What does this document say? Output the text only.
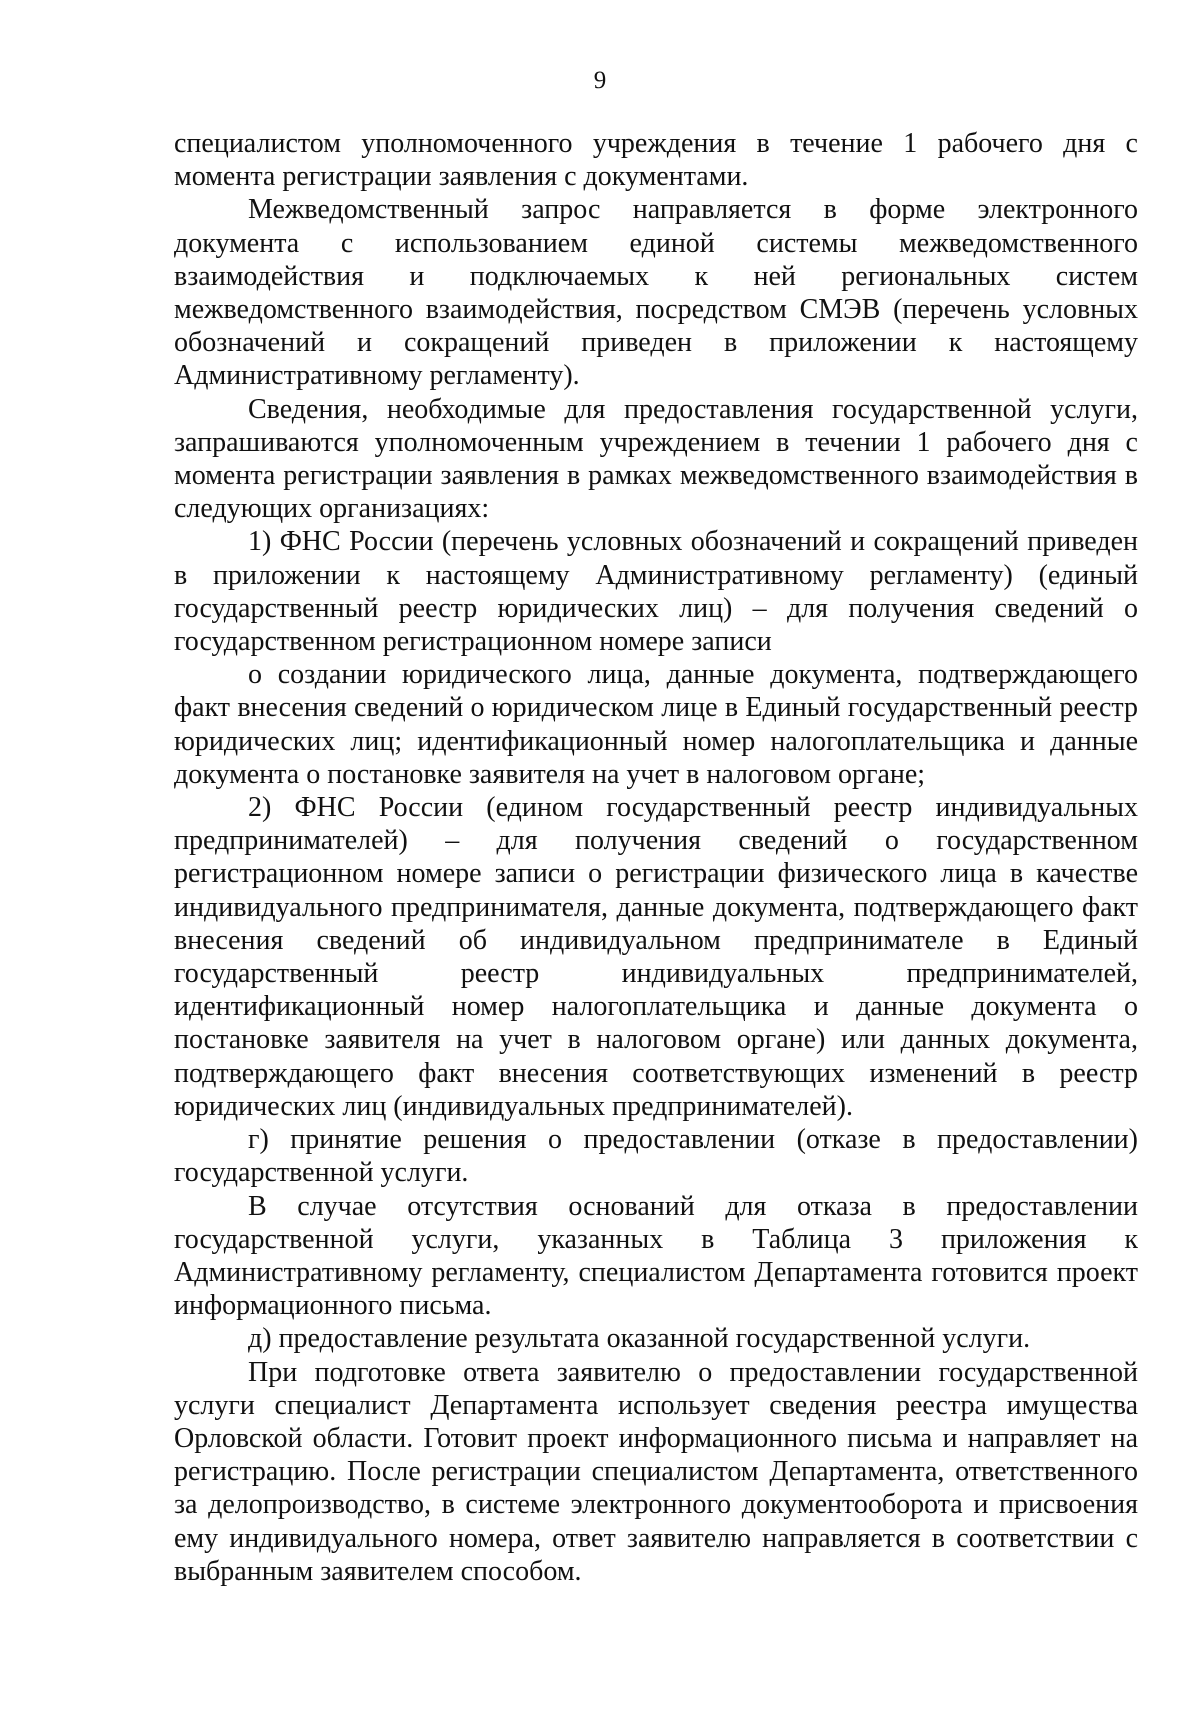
9

специалистом уполномоченного учреждения в течение 1 рабочего дня с момента регистрации заявления с документами.

Межведомственный запрос направляется в форме электронного документа с использованием единой системы межведомственного взаимодействия и подключаемых к ней региональных систем межведомственного взаимодействия, посредством СМЭВ (перечень условных обозначений и сокращений приведен в приложении к настоящему Административному регламенту).

Сведения, необходимые для предоставления государственной услуги, запрашиваются уполномоченным учреждением в течении 1 рабочего дня с момента регистрации заявления в рамках межведомственного взаимодействия в следующих организациях:

1) ФНС России (перечень условных обозначений и сокращений приведен в приложении к настоящему Административному регламенту) (единый государственный реестр юридических лиц) – для получения сведений о государственном регистрационном номере записи

о создании юридического лица, данные документа, подтверждающего факт внесения сведений о юридическом лице в Единый государственный реестр юридических лиц; идентификационный номер налогоплательщика и данные документа о постановке заявителя на учет в налоговом органе;

2) ФНС России (едином государственный реестр индивидуальных предпринимателей) – для получения сведений о государственном регистрационном номере записи о регистрации физического лица в качестве индивидуального предпринимателя, данные документа, подтверждающего факт внесения сведений об индивидуальном предпринимателе в Единый государственный реестр индивидуальных предпринимателей, идентификационный номер налогоплательщика и данные документа о постановке заявителя на учет в налоговом органе) или данных документа, подтверждающего факт внесения соответствующих изменений в реестр юридических лиц (индивидуальных предпринимателей).

г) принятие решения о предоставлении (отказе в предоставлении) государственной услуги.

В случае отсутствия оснований для отказа в предоставлении государственной услуги, указанных в Таблица 3 приложения к Административному регламенту, специалистом Департамента готовится проект информационного письма.

д) предоставление результата оказанной государственной услуги.

При подготовке ответа заявителю о предоставлении государственной услуги специалист Департамента использует сведения реестра имущества Орловской области. Готовит проект информационного письма и направляет на регистрацию. После регистрации специалистом Департамента, ответственного за делопроизводство, в системе электронного документооборота и присвоения ему индивидуального номера, ответ заявителю направляется в соответствии с выбранным заявителем способом.
